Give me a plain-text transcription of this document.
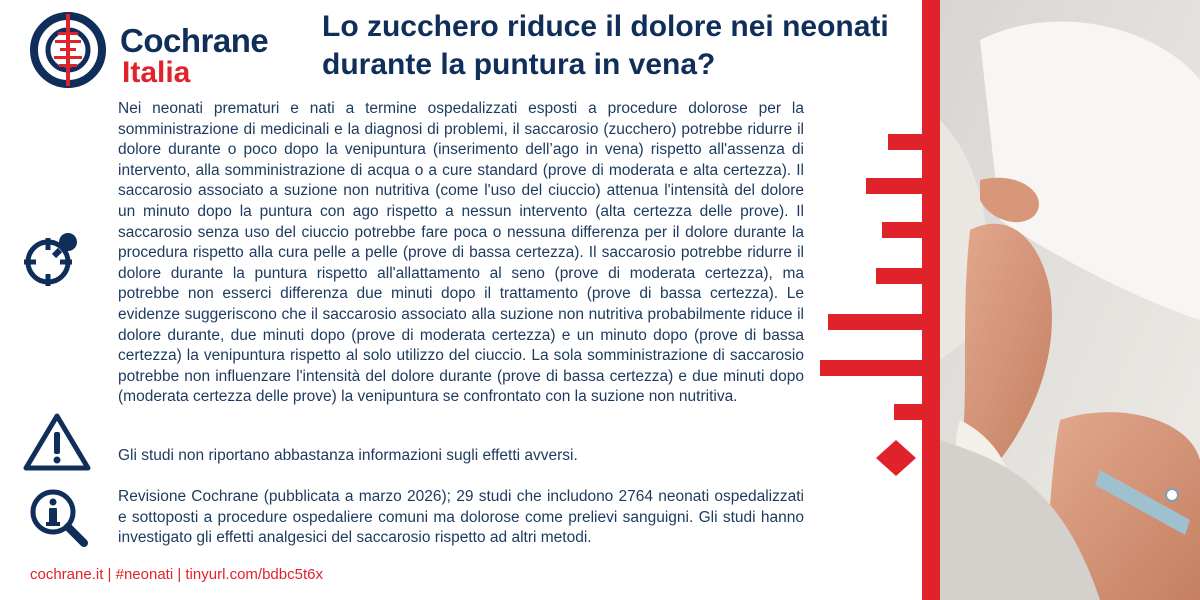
Cochrane
Italia
Lo zucchero riduce il dolore nei neonati durante la puntura in vena?

Nei neonati prematuri e nati a termine ospedalizzati esposti a procedure dolorose per la somministrazione di medicinali e la diagnosi di problemi, il saccarosio (zucchero) potrebbe ridurre il dolore durante o poco dopo la venipuntura (inserimento dell’ago in vena) rispetto all'assenza di intervento, alla somministrazione di acqua o a cure standard (prove di moderata e alta certezza). Il saccarosio associato a suzione non nutritiva (come l'uso del ciuccio) attenua l'intensità del dolore un minuto dopo la puntura con ago rispetto a nessun intervento (alta certezza delle prove). Il saccarosio senza uso del ciuccio potrebbe fare poca o nessuna differenza per il dolore durante la procedura rispetto alla cura pelle a pelle (prove di bassa certezza). Il saccarosio potrebbe ridurre il dolore durante la puntura rispetto all'allattamento al seno (prove di moderata certezza), ma potrebbe non esserci differenza due minuti dopo il trattamento (prove di bassa certezza). Le evidenze suggeriscono che il saccarosio associato alla suzione non nutritiva probabilmente riduce il dolore durante, due minuti dopo (prove di moderata certezza) e un minuto dopo (prove di bassa certezza) la venipuntura rispetto al solo utilizzo del ciuccio. La sola somministrazione di saccarosio potrebbe non influenzare l'intensità del dolore durante (prove di bassa certezza) e due minuti dopo (moderata certezza delle prove) la venipuntura se confrontato con la suzione non nutritiva.

Gli studi non riportano abbastanza informazioni sugli effetti avversi.

Revisione Cochrane (pubblicata a marzo 2026); 29 studi che includono 2764 neonati ospedalizzati e sottoposti a procedure ospedaliere comuni ma dolorose come prelievi sanguigni. Gli studi hanno investigato gli effetti analgesici del saccarosio rispetto ad altri metodi.

cochrane.it | #neonati | tinyurl.com/bdbc5t6x
